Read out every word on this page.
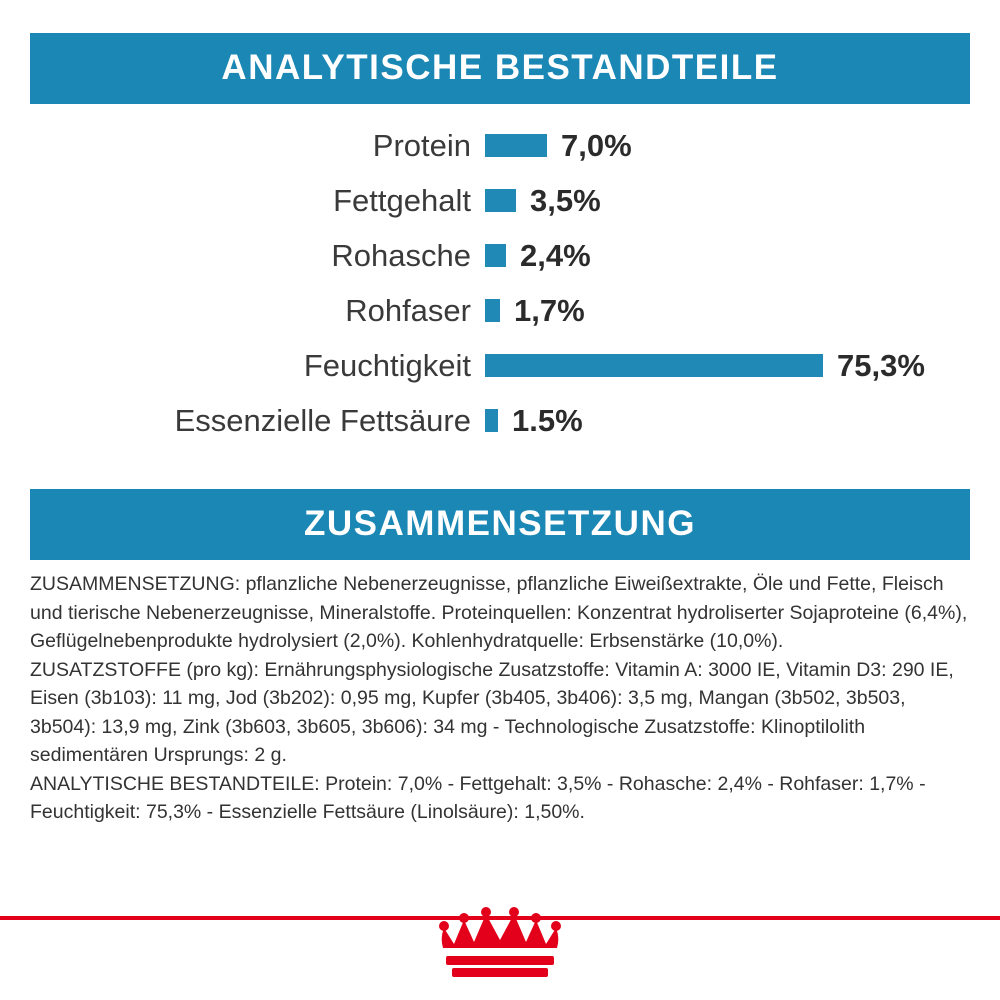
ANALYTISCHE BESTANDTEILE
Protein	7,0%
Fettgehalt	3,5%
Rohasche	2,4%
Rohfaser	1,7%
Feuchtigkeit	75,3%
Essenzielle Fettsäure	1.5%
ZUSAMMENSETZUNG

ZUSAMMENSETZUNG: pflanzliche Nebenerzeugnisse, pflanzliche Eiweißextrakte, Öle und Fette, Fleisch und tierische Nebenerzeugnisse, Mineralstoffe. Proteinquellen: Konzentrat hydroliserter Sojaproteine (6,4%), Geflügelnebenprodukte hydrolysiert (2,0%). Kohlenhydratquelle: Erbsenstärke (10,0%).

ZUSATZSTOFFE (pro kg): Ernährungsphysiologische Zusatzstoffe: Vitamin A: 3000 IE, Vitamin D3: 290 IE, Eisen (3b103): 11 mg, Jod (3b202): 0,95 mg, Kupfer (3b405, 3b406): 3,5 mg, Mangan (3b502, 3b503, 3b504): 13,9 mg, Zink (3b603, 3b605, 3b606): 34 mg - Technologische Zusatzstoffe: Klinoptilolith sedimentären Ursprungs: 2 g.

ANALYTISCHE BESTANDTEILE: Protein: 7,0% - Fettgehalt: 3,5% - Rohasche: 2,4% - Rohfaser: 1,7% - Feuchtigkeit: 75,3% - Essenzielle Fettsäure (Linolsäure): 1,50%.
